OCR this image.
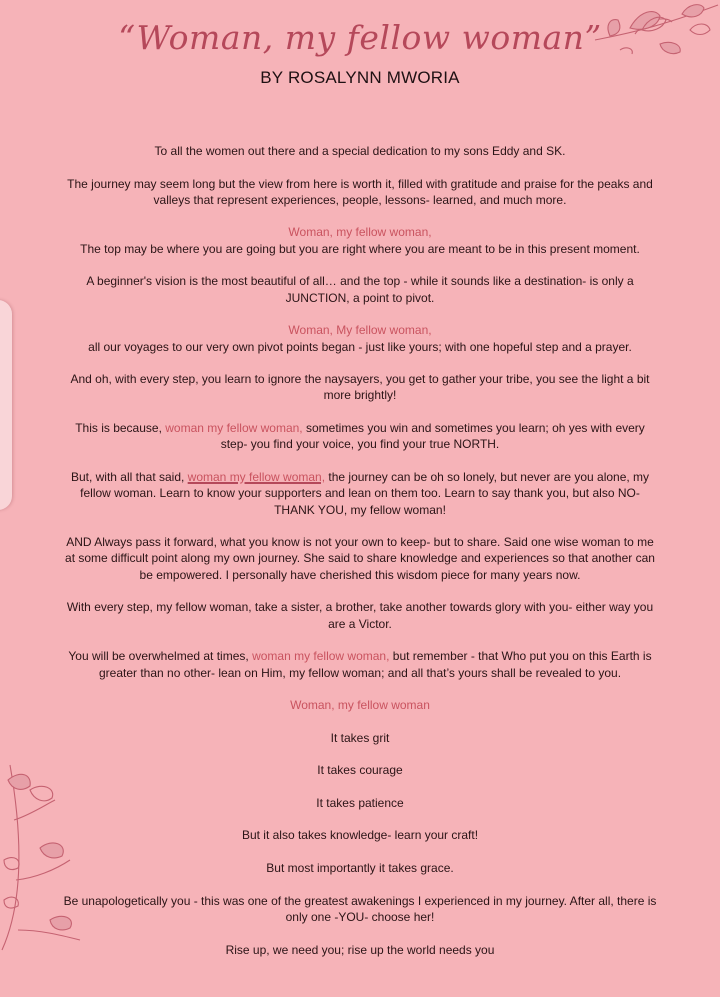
“Woman, my fellow woman”
BY ROSALYNN MWORIA

To all the women out there and a special dedication to my sons Eddy and SK.

The journey may seem long but the view from here is worth it, filled with gratitude and praise for the peaks and valleys that represent experiences, people, lessons- learned, and much more.

Woman, my fellow woman,
The top may be where you are going but you are right where you are meant to be in this present moment.

A beginner's vision is the most beautiful of all… and the top - while it sounds like a destination- is only a JUNCTION, a point to pivot.

Woman, My fellow woman,
all our voyages to our very own pivot points began - just like yours; with one hopeful step and a prayer.

And oh, with every step, you learn to ignore the naysayers, you get to gather your tribe, you see the light a bit more brightly!

This is because, woman my fellow woman, sometimes you win and sometimes you learn; oh yes with every step- you find your voice, you find your true NORTH.

But, with all that said, woman my fellow woman, the journey can be oh so lonely, but never are you alone, my fellow woman. Learn to know your supporters and lean on them too. Learn to say thank you, but also NO-THANK YOU, my fellow woman!

AND Always pass it forward, what you know is not your own to keep- but to share. Said one wise woman to me at some difficult point along my own journey. She said to share knowledge and experiences so that another can be empowered. I personally have cherished this wisdom piece for many years now.

With every step, my fellow woman, take a sister, a brother, take another towards glory with you- either way you are a Victor.

You will be overwhelmed at times, woman my fellow woman, but remember - that Who put you on this Earth is greater than no other- lean on Him, my fellow woman; and all that’s yours shall be revealed to you.

Woman, my fellow woman

It takes grit

It takes courage

It takes patience

But it also takes knowledge- learn your craft!

But most importantly it takes grace.

Be unapologetically you - this was one of the greatest awakenings I experienced in my journey. After all, there is only one -YOU- choose her!

Rise up, we need you; rise up the world needs you
